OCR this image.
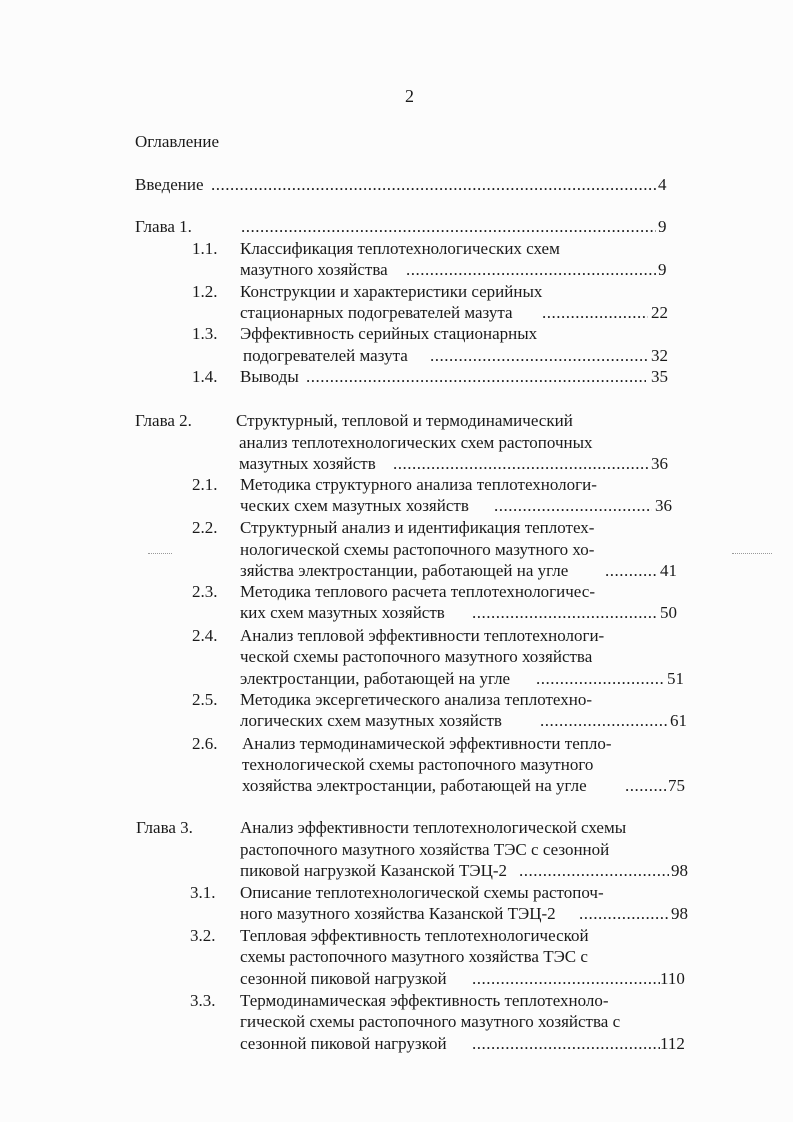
2
Оглавление
Введение .....	4
Глава 1. .....	9
1.1. Классификация теплотехнологических схем
мазутного хозяйства .....	9
1.2. Конструкции и характеристики серийных
стационарных подогревателей мазута .....	22
1.3. Эффективность серийных стационарных
подогревателей мазута .....	32
1.4. Выводы .....	35
Глава 2.	Структурный, тепловой и термодинамический
анализ теплотехнологических схем растопочных
мазутных хозяйств .....	36
2.1. Методика структурного анализа теплотехнологи-
ческих схем мазутных хозяйств .....	36
2.2. Структурный анализ и идентификация теплотех-
нологической схемы растопочного мазутного хо-
зяйства электростанции, работающей на угле .....	41
2.3. Методика теплового расчета теплотехнологичес-
ких схем мазутных хозяйств .....	50
2.4. Анализ тепловой эффективности теплотехнологи-
ческой схемы растопочного мазутного хозяйства
электростанции, работающей на угле .....	51
2.5. Методика эксергетического анализа теплотехно-
логических схем мазутных хозяйств .....	61
2.6. Анализ термодинамической эффективности тепло-
технологической схемы растопочного мазутного
хозяйства электростанции, работающей на угле .....	75
Глава 3.	Анализ эффективности теплотехнологической схемы
растопочного мазутного хозяйства ТЭС с сезонной
пиковой нагрузкой Казанской ТЭЦ-2 .....	98
3.1. Описание теплотехнологической схемы растопоч-
ного мазутного хозяйства Казанской ТЭЦ-2 .....	98
3.2. Тепловая эффективность теплотехнологической
схемы растопочного мазутного хозяйства ТЭС с
сезонной пиковой нагрузкой .....	110
3.3. Термодинамическая эффективность теплотехноло-
гической схемы растопочного мазутного хозяйства с
сезонной пиковой нагрузкой .....	112
